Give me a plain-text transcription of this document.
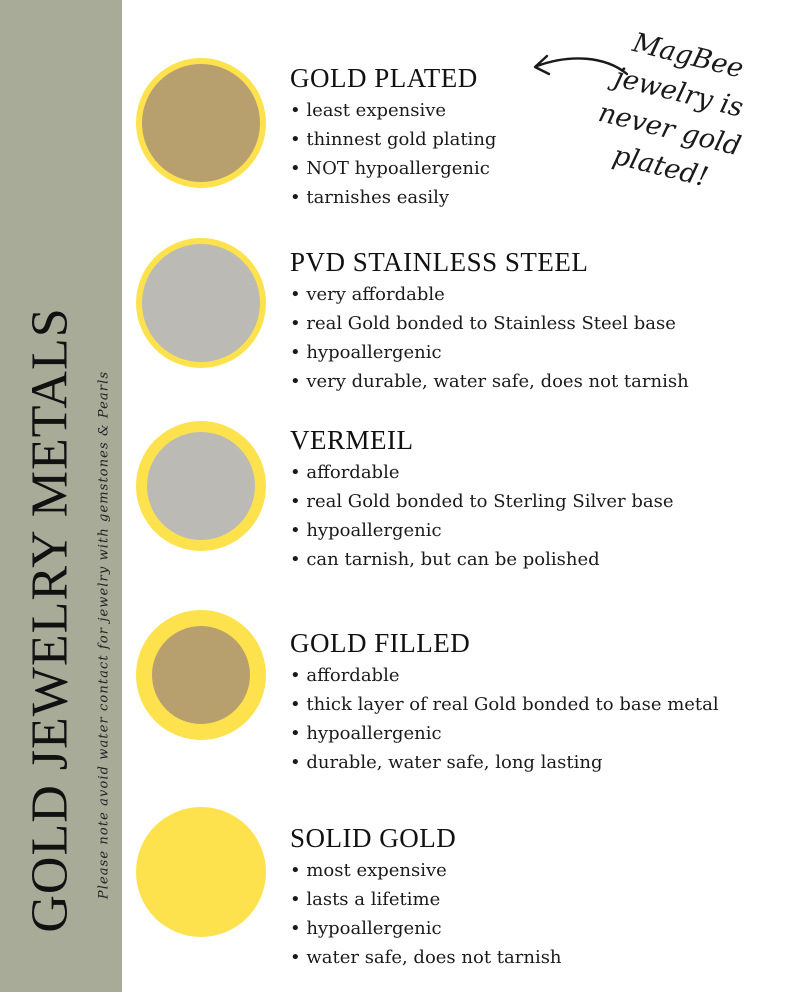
GOLD JEWELRY METALS Please note avoid water contact for jewelry with gemstones & Pearls
GOLD PLATED
• least expensive
• thinnest gold plating
• NOT hypoallergenic
• tarnishes easily
PVD STAINLESS STEEL
• very affordable
• real Gold bonded to Stainless Steel base
• hypoallergenic
• very durable, water safe, does not tarnish
VERMEIL
• affordable
• real Gold bonded to Sterling Silver base
• hypoallergenic
• can tarnish, but can be polished
GOLD FILLED
• affordable
• thick layer of real Gold bonded to base metal
• hypoallergenic
• durable, water safe, long lasting
SOLID GOLD
• most expensive
• lasts a lifetime
• hypoallergenic
• water safe, does not tarnish
MagBee jewelry is never gold plated!
